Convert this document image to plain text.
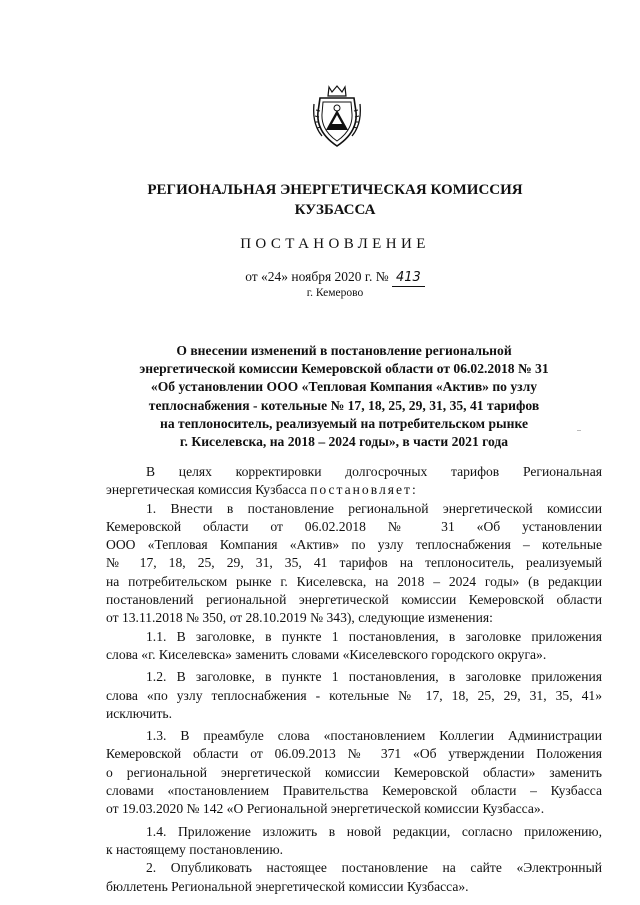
РЕГИОНАЛЬНАЯ ЭНЕРГЕТИЧЕСКАЯ КОМИССИЯ
КУЗБАССА
ПОСТАНОВЛЕНИЕ
от «24» ноября 2020 г. № 413
г. Кемерово
О внесении изменений в постановление региональной
энергетической комиссии Кемеровской области от 06.02.2018 № 31
«Об установлении ООО «Тепловая Компания «Актив» по узлу
теплоснабжения - котельные № 17, 18, 25, 29, 31, 35, 41 тарифов
на теплоноситель, реализуемый на потребительском рынке
г. Киселевска, на 2018 – 2024 годы», в части 2021 года
В целях корректировки долгосрочных тарифов Региональная
энергетическая комиссия Кузбасса постановляет:
1. Внести в постановление региональной энергетической комиссии
Кемеровской области от 06.02.2018 № 31 «Об установлении
ООО «Тепловая Компания «Актив» по узлу теплоснабжения – котельные
№ 17, 18, 25, 29, 31, 35, 41 тарифов на теплоноситель, реализуемый
на потребительском рынке г. Киселевска, на 2018 – 2024 годы» (в редакции
постановлений региональной энергетической комиссии Кемеровской области
от 13.11.2018 № 350, от 28.10.2019 № 343), следующие изменения:
1.1. В заголовке, в пункте 1 постановления, в заголовке приложения
слова «г. Киселевска» заменить словами «Киселевского городского округа».
1.2. В заголовке, в пункте 1 постановления, в заголовке приложения
слова «по узлу теплоснабжения - котельные № 17, 18, 25, 29, 31, 35, 41»
исключить.
1.3. В преамбуле слова «постановлением Коллегии Администрации
Кемеровской области от 06.09.2013 № 371 «Об утверждении Положения
о региональной энергетической комиссии Кемеровской области» заменить
словами «постановлением Правительства Кемеровской области – Кузбасса
от 19.03.2020 № 142 «О Региональной энергетической комиссии Кузбасса».
1.4. Приложение изложить в новой редакции, согласно приложению,
к настоящему постановлению.
2. Опубликовать настоящее постановление на сайте «Электронный
бюллетень Региональной энергетической комиссии Кузбасса».
